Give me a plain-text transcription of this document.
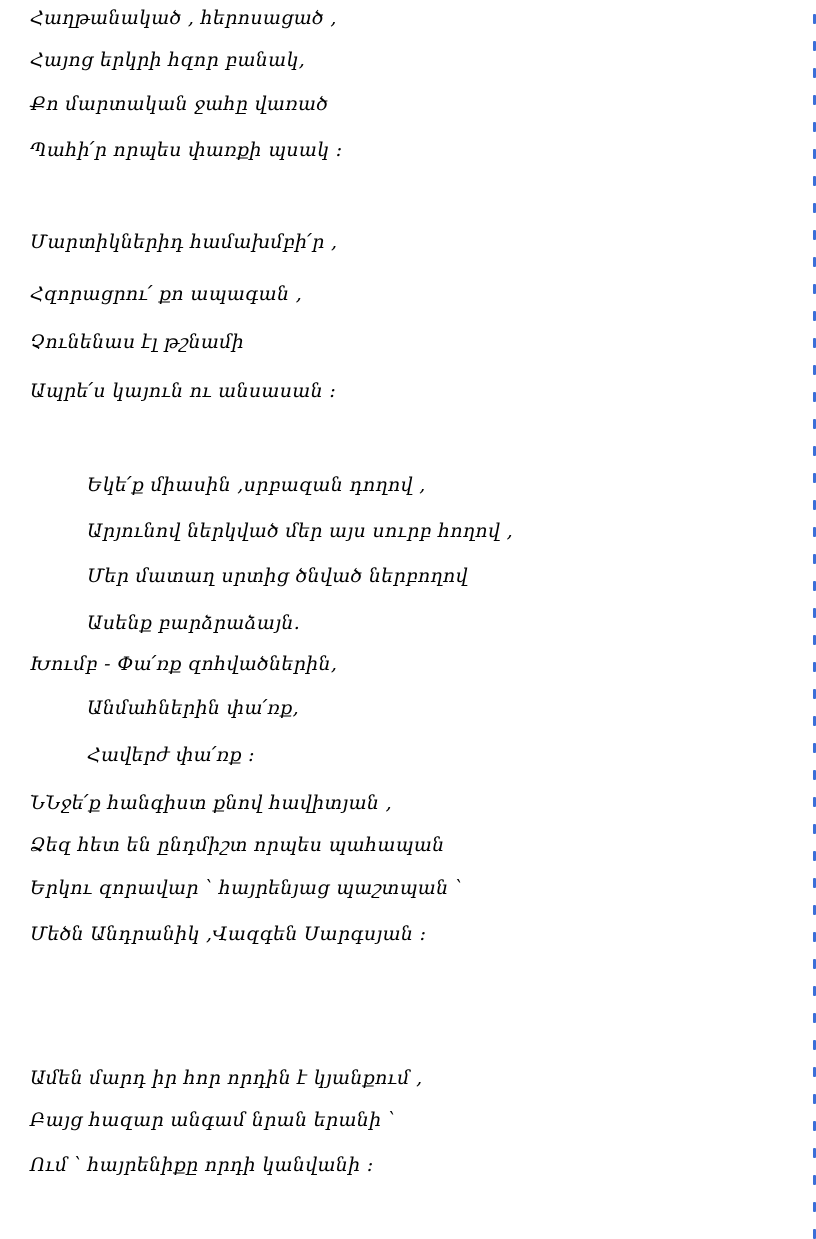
Հաղթանակած , հերոսացած ,
Հայոց երկրի հզոր բանակ,
Քո մարտական ջահը վառած
Պահի՛ր որպես փառքի պսակ :
Մարտիկներիդ համախմբի՛ր ,
Հզորացրու՛ քո ապագան ,
Չունենաս էլ թշնամի
Ապրե՛ս կայուն ու անսասան :
Եկե՛ք միասին ,սրբազան դողով ,
Արյունով ներկված մեր այս սուրբ հողով ,
Մեր մատաղ սրտից ծնված ներբողով
Ասենք բարձրաձայն.
Խումբ - Փա՛ռք զոհվածներին,
Անմահներին փա՛ռք,
Հավերժ փա՛ռք :
ՆՆջե՛ք հանգիստ քնով հավիտյան ,
Ձեզ հետ են ընդմիշտ որպես պահապան
Երկու զորավար ՝ հայրենյաց պաշտպան ՝
Մեծն Անդրանիկ ,Վազգեն Սարգսյան :
Ամեն մարդ իր հոր որդին է կյանքում ,
Բայց հազար անգամ նրան երանի ՝
Ում ՝ հայրենիքը որդի կանվանի :
